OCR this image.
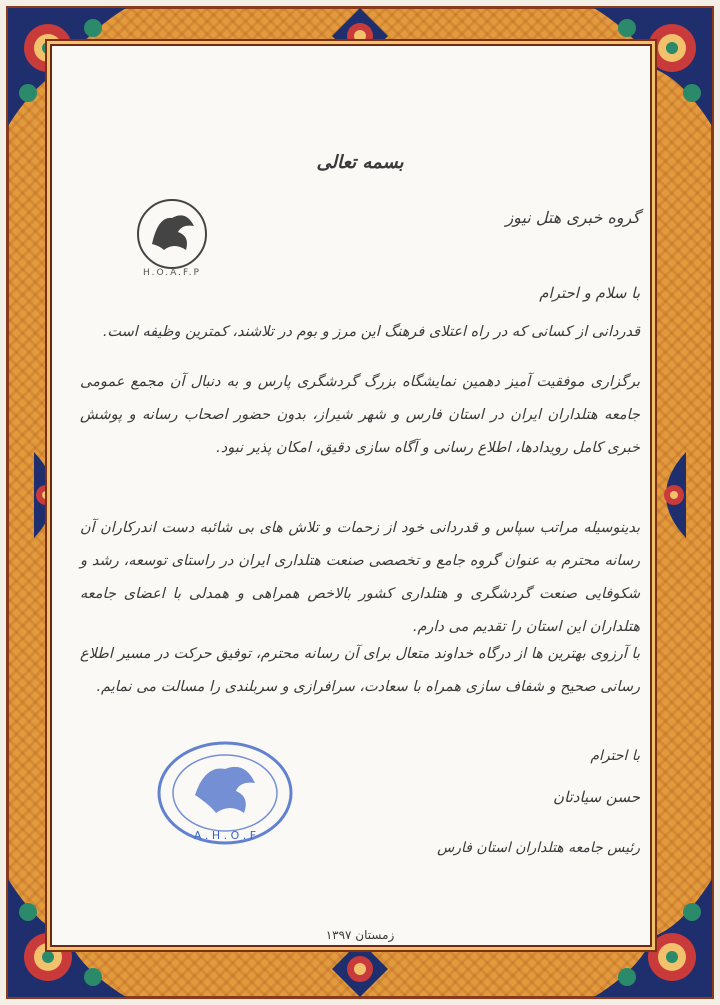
H.O.A.F.P
A . H . O . F
بسمه تعالی
گروه خبری هتل نیوز
با سلام و احترام
قدردانی از کسانی که در راه اعتلای فرهنگ این مرز و بوم در تلاشند، کمترین وظیفه است.
برگزاری موفقیت آمیز دهمین نمایشگاه بزرگ گردشگری پارس و به دنبال آن مجمع عمومی جامعه هتلداران ایران در استان فارس و شهر شیراز، بدون حضور اصحاب رسانه و پوشش خبری کامل رویدادها، اطلاع رسانی و آگاه سازی دقیق، امکان پذیر نبود.
بدینوسیله مراتب سپاس و قدردانی خود از زحمات و تلاش های بی شائبه دست اندرکاران آن رسانه محترم به عنوان گروه جامع و تخصصی صنعت هتلداری ایران در راستای توسعه، رشد و شکوفایی صنعت گردشگری و هتلداری کشور بالاخص همراهی و همدلی با اعضای جامعه هتلداران این استان را تقدیم می دارم.
با آرزوی بهترین ها از درگاه خداوند متعال برای آن رسانه محترم، توفیق حرکت در مسیر اطلاع رسانی صحیح و شفاف سازی همراه با سعادت، سرافرازی و سربلندی را مسالت می نمایم.
با احترام
حسن سیادتان
رئیس جامعه هتلداران استان فارس
زمستان ۱۳۹۷
